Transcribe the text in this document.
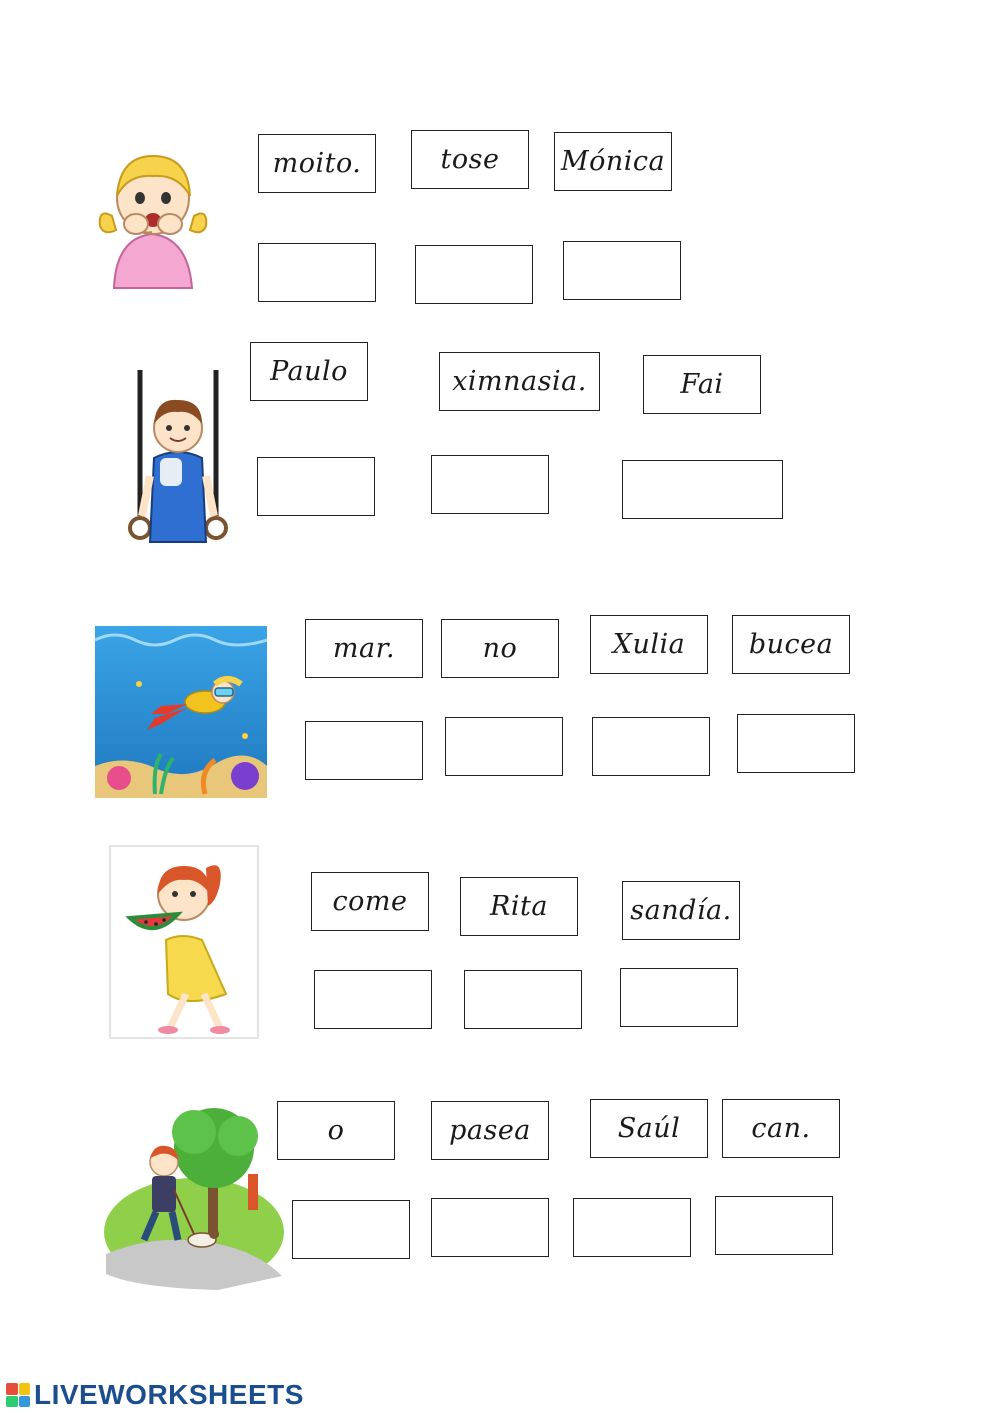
moito.	tose	Mónica
Paulo	ximnasia.	Fai
mar.	no	Xulia	bucea
come	Rita	sandía.
o	pasea	Saúl	can.
LIVEWORKSHEETS
